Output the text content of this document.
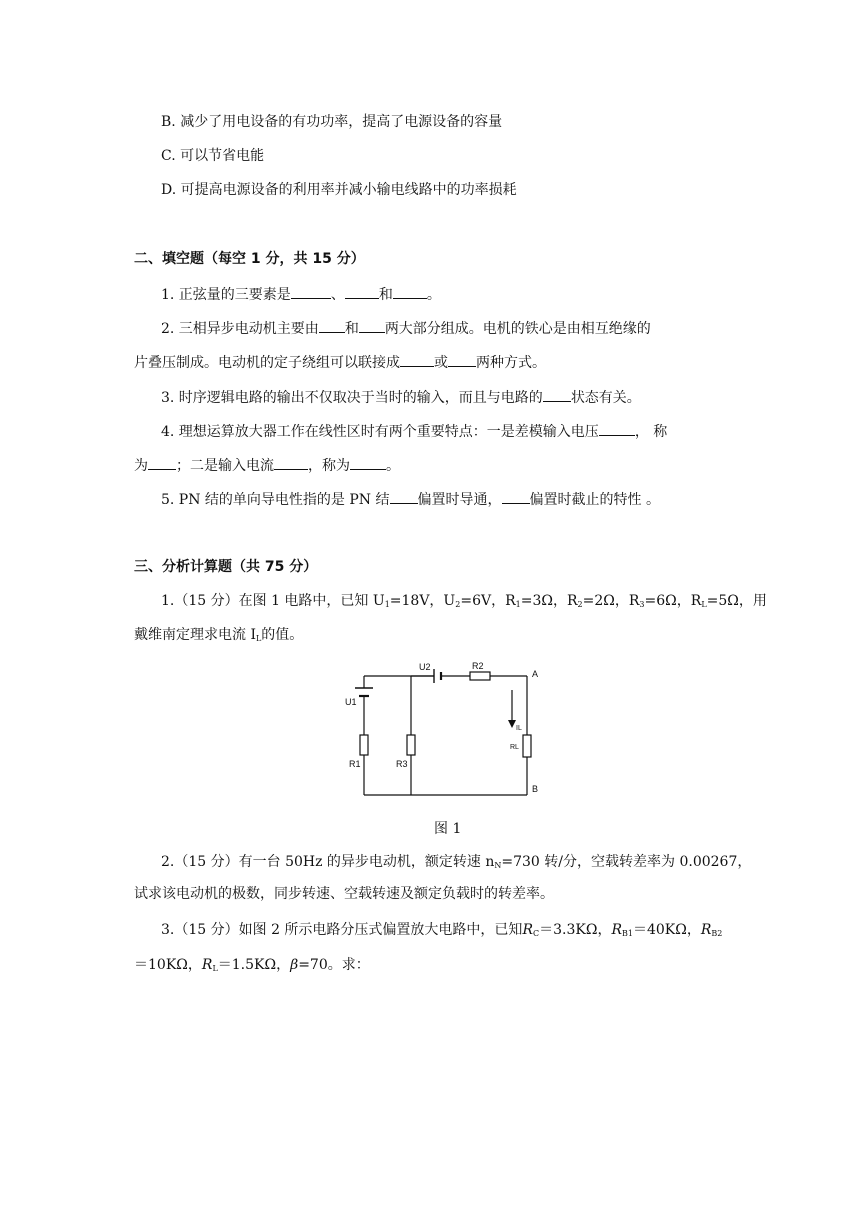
B. 减少了用电设备的有功功率，提高了电源设备的容量
C. 可以节省电能
D. 可提高电源设备的利用率并减小输电线路中的功率损耗
二、填空题（每空 1 分，共 15 分）
1. 正弦量的三要素是	、 和 。
2. 三相异步电动机主要由 和 两大部分组成。电机的铁心是由相互绝缘的
片叠压制成。电动机的定子绕组可以联接成 或 两种方式。
3. 时序逻辑电路的输出不仅取决于当时的输入，而且与电路的 状态有关。
4. 理想运算放大器工作在线性区时有两个重要特点：一是差模输入电压	， 称
为 ；二是输入电流 ，称为	。
5. PN 结的单向导电性指的是 PN 结 偏置时导通， 偏置时截止的特性 。
三、分析计算题（共 75 分）
1.（15 分）在图 1 电路中，已知 $U_1=18V$，$U_2=6V$，$R_1=3\Omega$，$R_2=2\Omega$，$R_3=6\Omega$，$R_L=5\Omega$，用
戴维南定理求电流 $I_L$的值。
U1
U2	R2
R1	R3
RL
IL
A
B
图 1
2.（15 分）有一台 50Hz 的异步电动机，额定转速 $n_N=730$ 转/分，空载转差率为 0.00267，
试求该电动机的极数，同步转速、空载转速及额定负载时的转差率。
3.（15 分）如图 2 所示电路分压式偏置放大电路中，已知$R_C=3.3K\Omega$，$R_{B1}=40K\Omega$，$R_{B2}$
＝10KΩ，$R_L=1.5K\Omega$，β=70。求：
